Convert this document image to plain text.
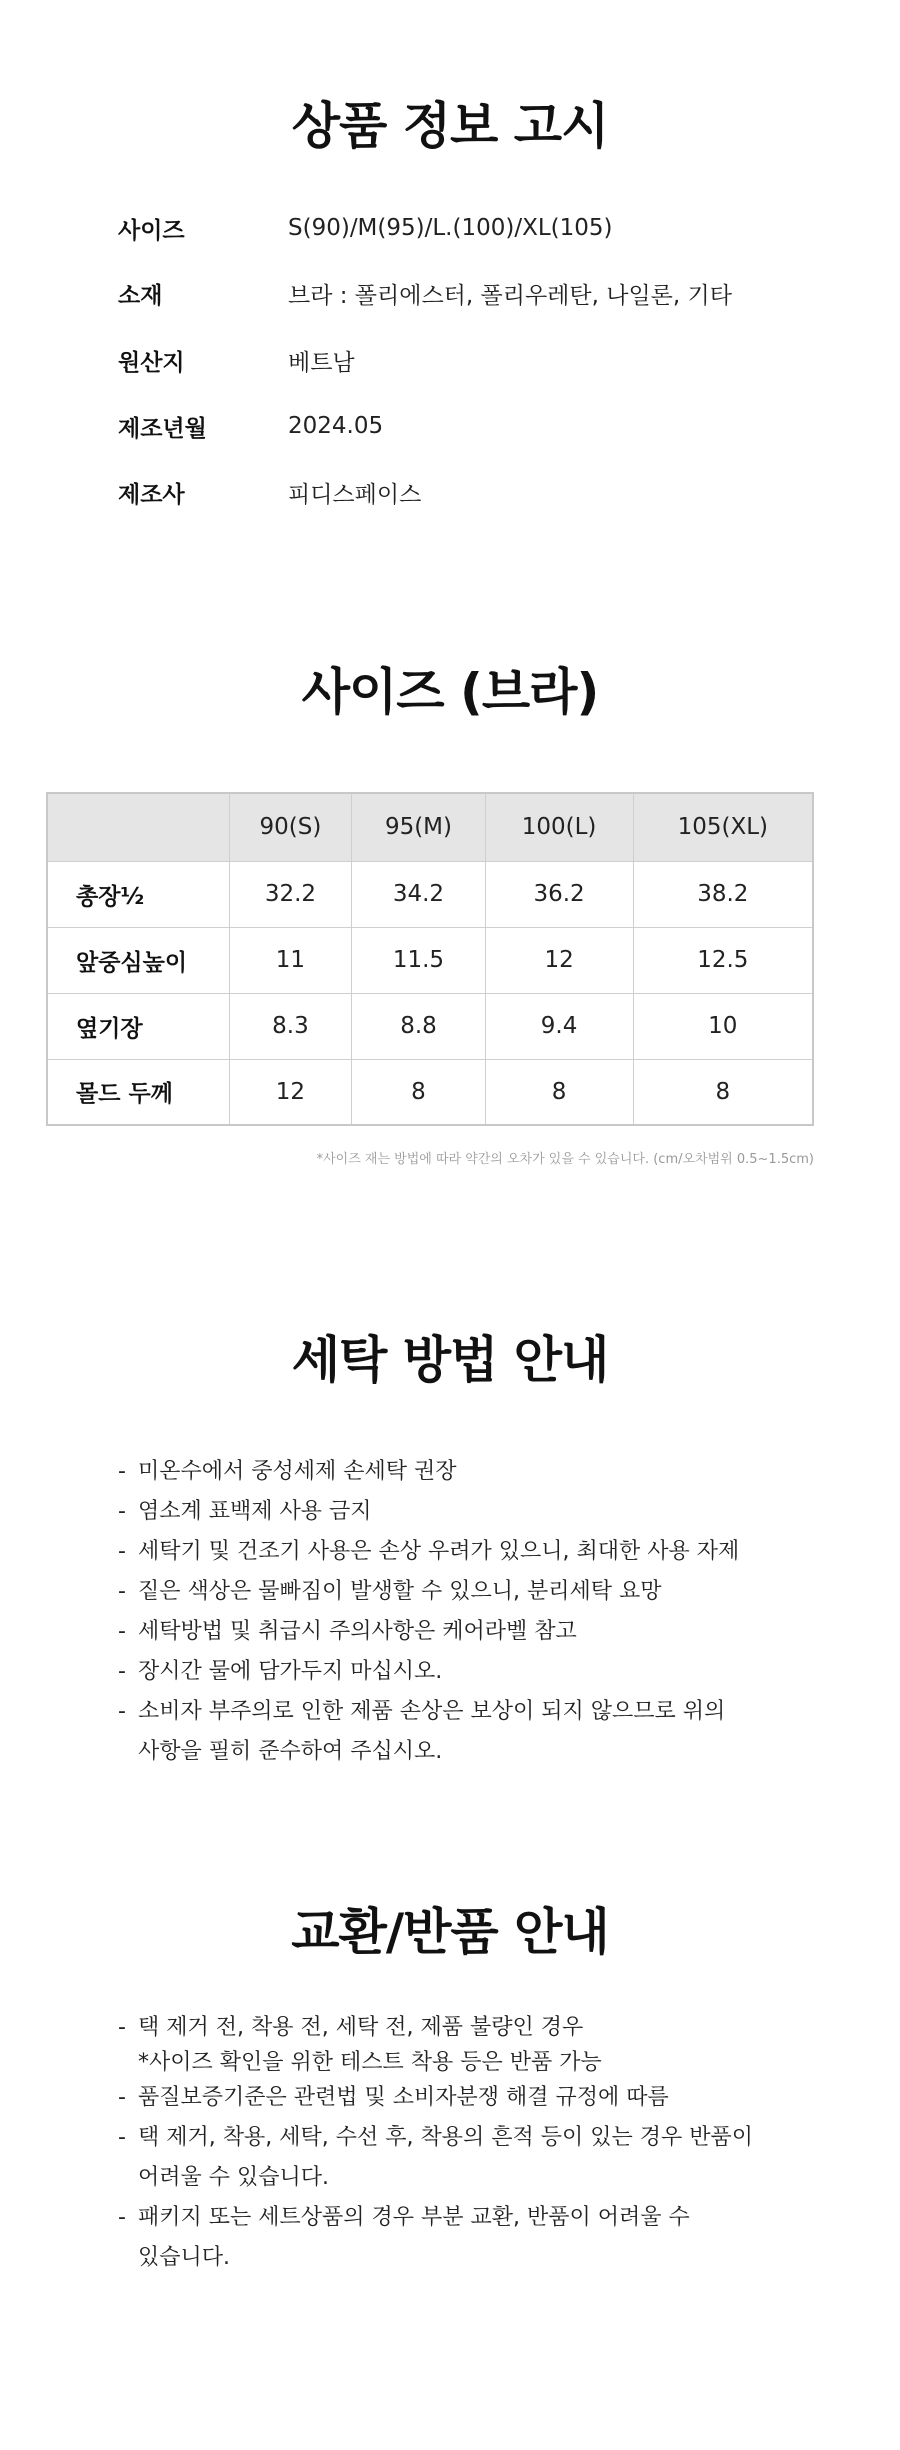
상품 정보 고시
사이즈	S(90)/M(95)/L.(100)/XL(105)
소재	브라 : 폴리에스터, 폴리우레탄, 나일론, 기타
원산지	베트남
제조년월	2024.05
제조사	피디스페이스
사이즈 (브라)
	90(S)	95(M)	100(L)	105(XL)
총장½	32.2	34.2	36.2	38.2
앞중심높이	11	11.5	12	12.5
옆기장	8.3	8.8	9.4	10
몰드 두께	12	8	8	8
*사이즈 재는 방법에 따라 약간의 오차가 있을 수 있습니다. (cm/오차범위 0.5~1.5cm)
세탁 방법 안내
- 미온수에서 중성세제 손세탁 권장
- 염소계 표백제 사용 금지
- 세탁기 및 건조기 사용은 손상 우려가 있으니, 최대한 사용 자제
- 짙은 색상은 물빠짐이 발생할 수 있으니, 분리세탁 요망
- 세탁방법 및 취급시 주의사항은 케어라벨 참고
- 장시간 물에 담가두지 마십시오.
- 소비자 부주의로 인한 제품 손상은 보상이 되지 않으므로 위의
사항을 필히 준수하여 주십시오.
교환/반품 안내
- 택 제거 전, 착용 전, 세탁 전, 제품 불량인 경우
*사이즈 확인을 위한 테스트 착용 등은 반품 가능
- 품질보증기준은 관련법 및 소비자분쟁 해결 규정에 따름
- 택 제거, 착용, 세탁, 수선 후, 착용의 흔적 등이 있는 경우 반품이
어려울 수 있습니다.
- 패키지 또는 세트상품의 경우 부분 교환, 반품이 어려울 수
있습니다.
